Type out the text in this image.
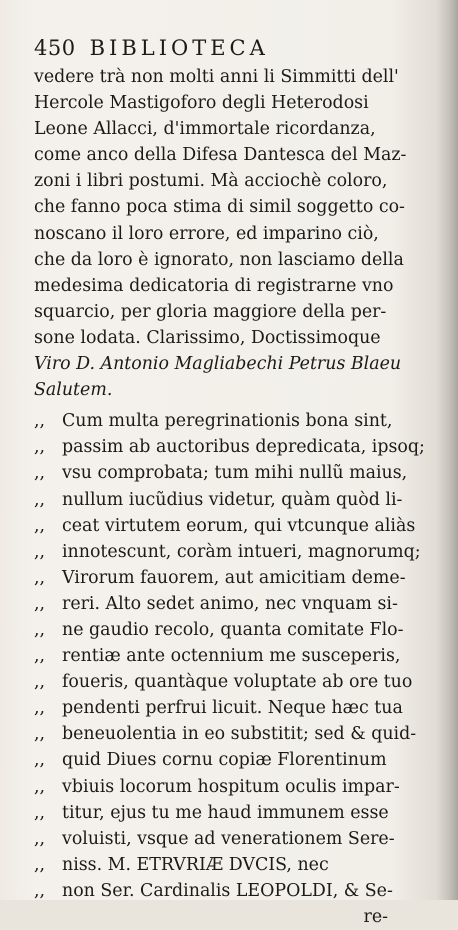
450 BIBLIOTECA
vedere trà non molti anni li Simmitti dell'
Hercole Mastigoforo degli Heterodosi
Leone Allacci, d'immortale ricordanza,
come anco della Difesa Dantesca del Maz-
zoni i libri postumi. Mà acciochè coloro,
che fanno poca stima di simil soggetto co-
noscano il loro errore, ed imparino ciò,
che da loro è ignorato, non lasciamo della
medesima dedicatoria di registrarne vno
squarcio, per gloria maggiore della per-
sone lodata. Clarissimo, Doctissimoque
Viro D. Antonio Magliabechi Petrus Blaeu
Salutem.
,, Cum multa peregrinationis bona sint,
,, passim ab auctoribus depredicata, ipsoq;
,, vsu comprobata; tum mihi nullũ maius,
,, nullum iucũdius videtur, quàm quòd li-
,, ceat virtutem eorum, qui vtcunque aliàs
,, innotescunt, coràm intueri, magnorumq;
,, Virorum fauorem, aut amicitiam deme-
,, reri. Alto sedet animo, nec vnquam si-
,, ne gaudio recolo, quanta comitate Flo-
,, rentiæ ante octennium me susceperis,
,, foueris, quantàque voluptate ab ore tuo
,, pendenti perfrui licuit. Neque hæc tua
,, beneuolentia in eo substitit; sed & quid-
,, quid Diues cornu copiæ Florentinum
,, vbiuis locorum hospitum oculis impar-
,, titur, ejus tu me haud immunem esse
,, voluisti, vsque ad venerationem Sere-
,, niss. M. ETRVRIÆ DVCIS, nec
,, non Ser. Cardinalis LEOPOLDI, & Se-
re-
